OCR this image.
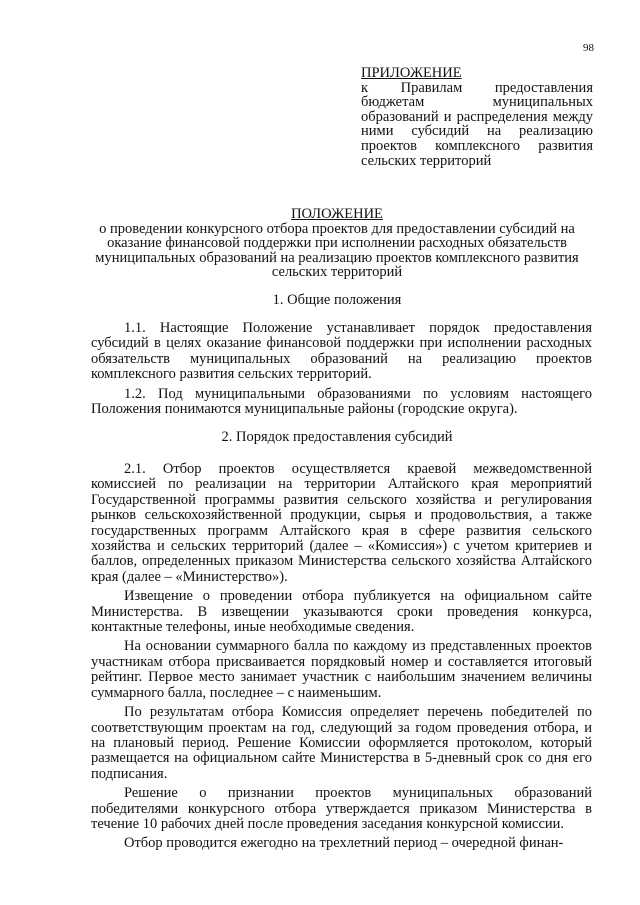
98
ПРИЛОЖЕНИЕ
к Правилам предоставления бюджетам муниципальных образований и распределения между ними субсидий на реализацию проектов комплексного развития сельских территорий
ПОЛОЖЕНИЕ
о проведении конкурсного отбора проектов для предоставлении субсидий на оказание финансовой поддержки при исполнении расходных обязательств муниципальных образований на реализацию проектов комплексного развития сельских территорий
1. Общие положения

1.1. Настоящие Положение устанавливает порядок предоставления субсидий в целях оказание финансовой поддержки при исполнении расходных обязательств муниципальных образований на реализацию проектов комплексного развития сельских территорий.

1.2. Под муниципальными образованиями по условиям настоящего Положения понимаются муниципальные районы (городские округа).

2. Порядок предоставления субсидий

2.1. Отбор проектов осуществляется краевой межведомственной комиссией по реализации на территории Алтайского края мероприятий Государственной программы развития сельского хозяйства и регулирования рынков сельскохозяйственной продукции, сырья и продовольствия, а также государственных программ Алтайского края в сфере развития сельского хозяйства и сельских территорий (далее – «Комиссия») с учетом критериев и баллов, определенных приказом Министерства сельского хозяйства Алтайского края (далее – «Министерство»).

Извещение о проведении отбора публикуется на официальном сайте Министерства. В извещении указываются сроки проведения конкурса, контактные телефоны, иные необходимые сведения.

На основании суммарного балла по каждому из представленных проектов участникам отбора присваивается порядковый номер и составляется итоговый рейтинг. Первое место занимает участник с наибольшим значением величины суммарного балла, последнее – с наименьшим.

По результатам отбора Комиссия определяет перечень победителей по соответствующим проектам на год, следующий за годом проведения отбора, и на плановый период. Решение Комиссии оформляется протоколом, который размещается на официальном сайте Министерства в 5-дневный срок со дня его подписания.

Решение о признании проектов муниципальных образований победителями конкурсного отбора утверждается приказом Министерства в течение 10 рабочих дней после проведения заседания конкурсной комиссии.

Отбор проводится ежегодно на трехлетний период – очередной финан-
